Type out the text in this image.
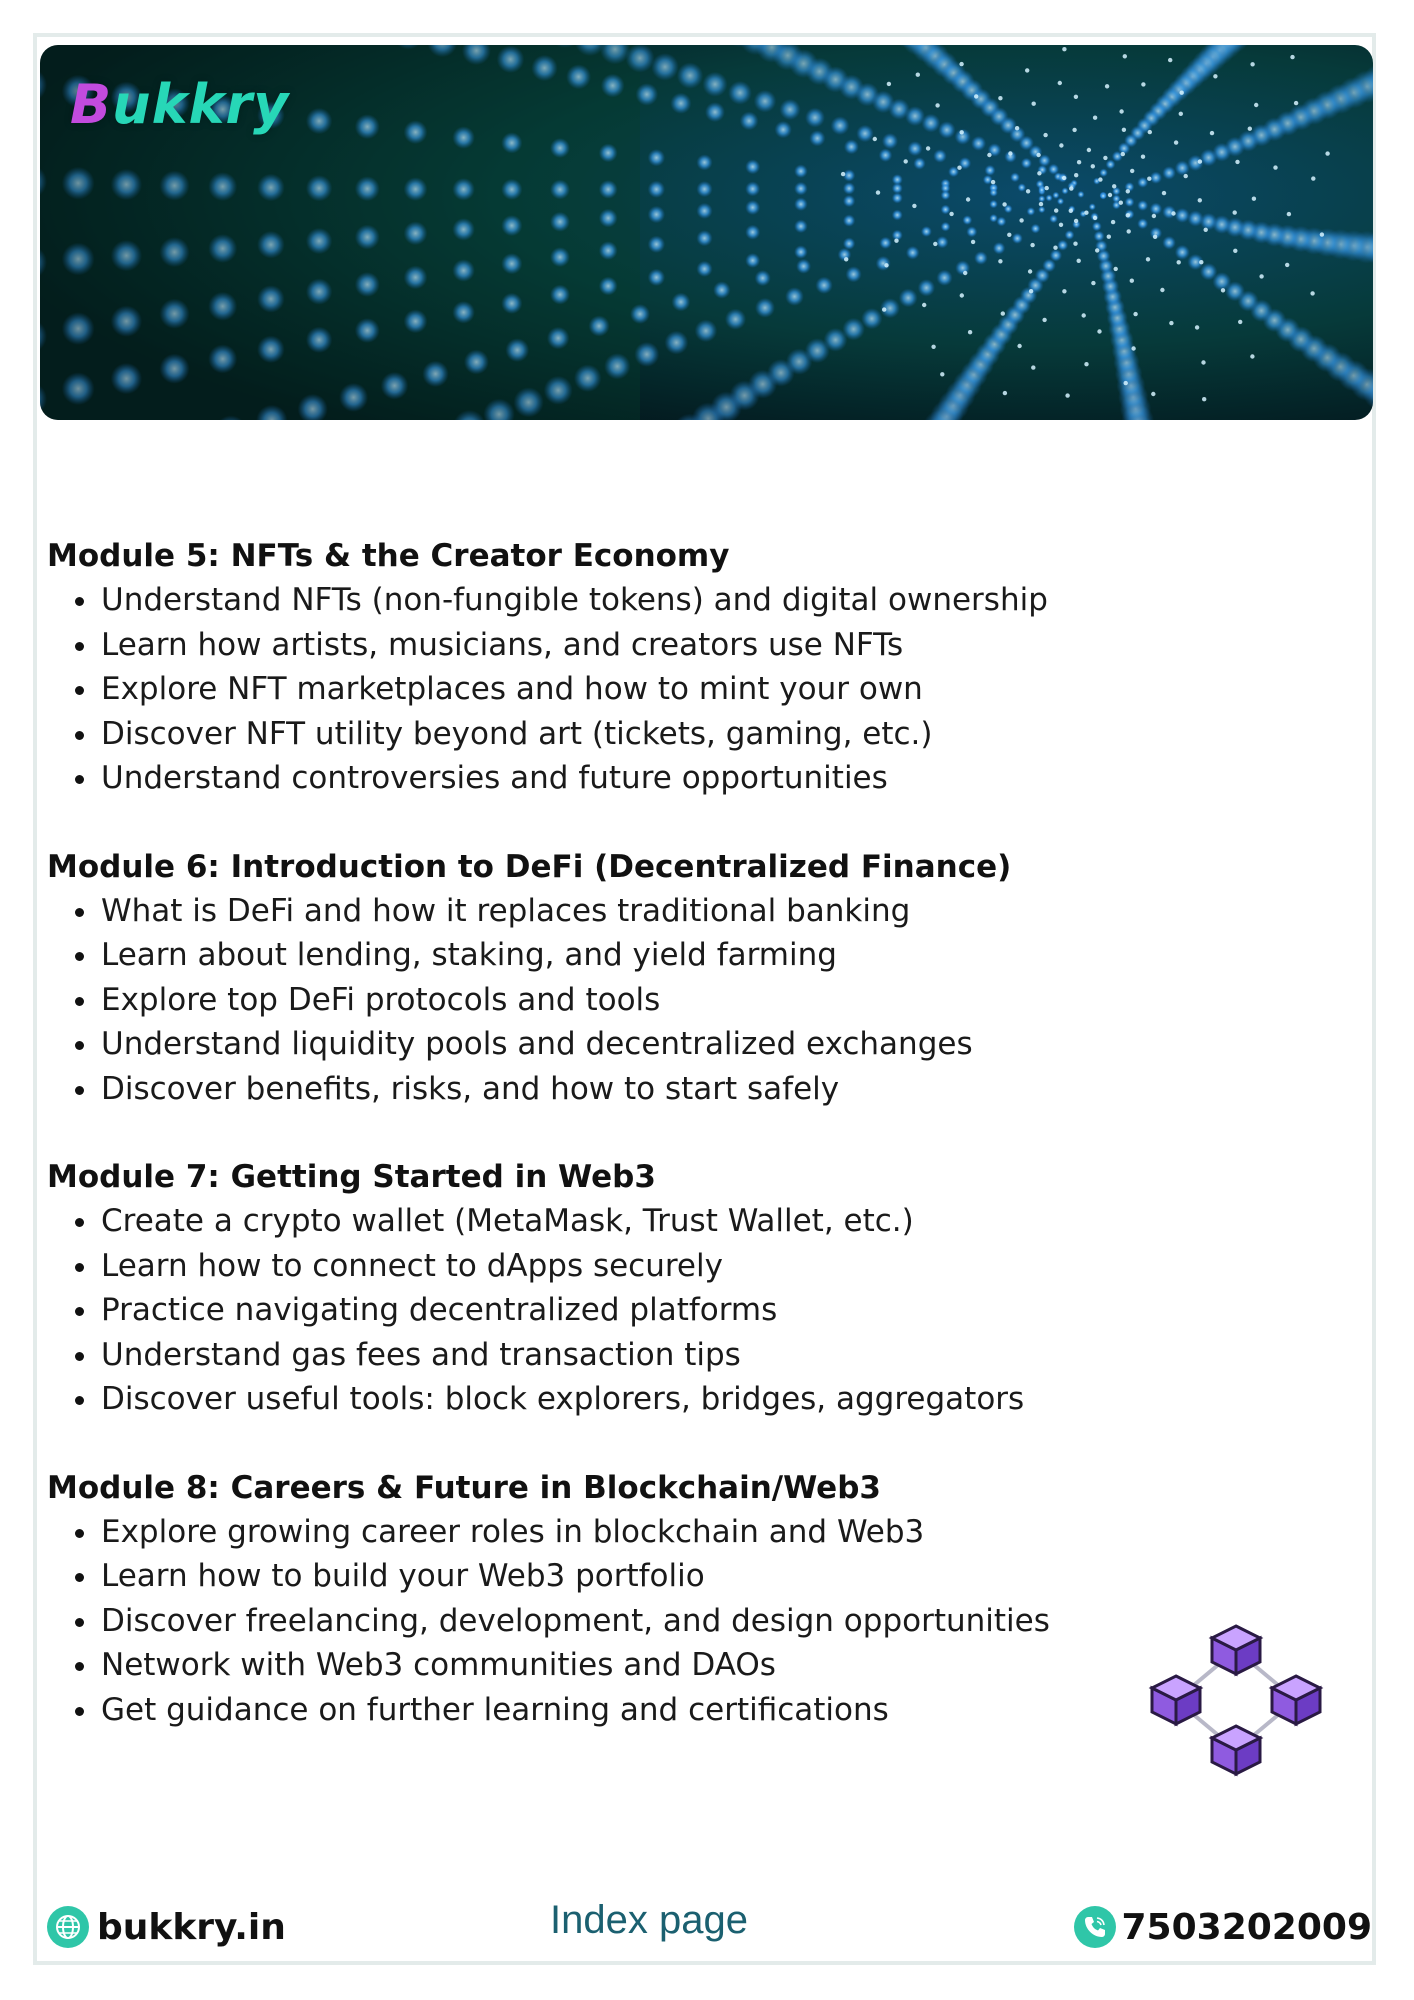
Bukkry
Module 5: NFTs & the Creator Economy
Understand NFTs (non-fungible tokens) and digital ownership
Learn how artists, musicians, and creators use NFTs
Explore NFT marketplaces and how to mint your own
Discover NFT utility beyond art (tickets, gaming, etc.)
Understand controversies and future opportunities
Module 6: Introduction to DeFi (Decentralized Finance)
What is DeFi and how it replaces traditional banking
Learn about lending, staking, and yield farming
Explore top DeFi protocols and tools
Understand liquidity pools and decentralized exchanges
Discover benefits, risks, and how to start safely
Module 7: Getting Started in Web3
Create a crypto wallet (MetaMask, Trust Wallet, etc.)
Learn how to connect to dApps securely
Practice navigating decentralized platforms
Understand gas fees and transaction tips
Discover useful tools: block explorers, bridges, aggregators
Module 8: Careers & Future in Blockchain/Web3
Explore growing career roles in blockchain and Web3
Learn how to build your Web3 portfolio
Discover freelancing, development, and design opportunities
Network with Web3 communities and DAOs
Get guidance on further learning and certifications
bukkry.in	Index page	7503202009
